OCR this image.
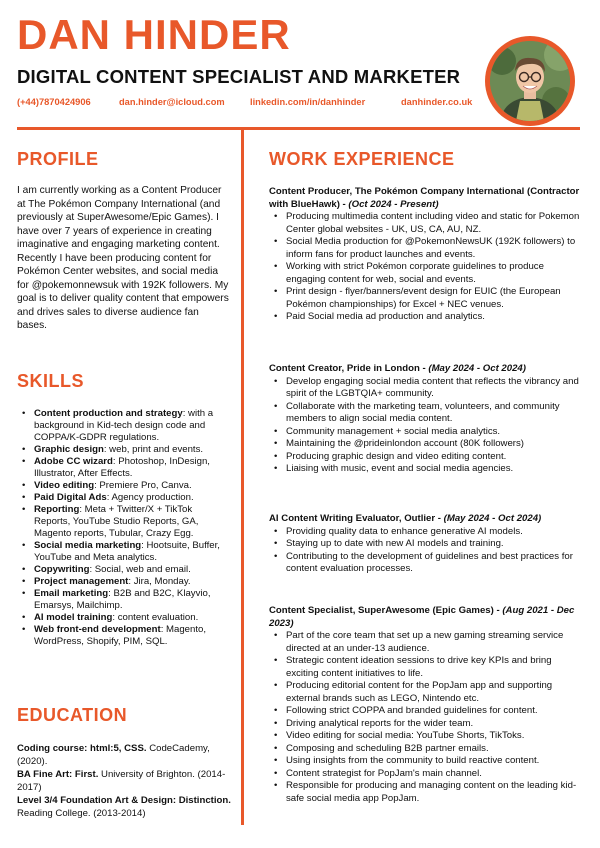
DAN HINDER
DIGITAL CONTENT SPECIALIST AND MARKETER
(+44)7870424906	dan.hinder@icloud.com	linkedin.com/in/danhinder	danhinder.co.uk
PROFILE
I am currently working as a Content Producer at The Pokémon Company International (and previously at SuperAwesome/Epic Games). I have over 7 years of experience in creating imaginative and engaging marketing content. Recently I have been producing content for Pokémon Center websites, and social media for @pokemonnewsuk with 192K followers. My goal is to deliver quality content that empowers and drives sales to diverse audience fan bases.
SKILLS
• Content production and strategy: with a background in Kid-tech design code and COPPA/K-GDPR regulations.
• Graphic design: web, print and events.
• Adobe CC wizard: Photoshop, InDesign, Illustrator, After Effects.
• Video editing: Premiere Pro, Canva.
• Paid Digital Ads: Agency production.
• Reporting: Meta + Twitter/X + TikTok Reports, YouTube Studio Reports, GA, Magento reports, Tubular, Crazy Egg.
• Social media marketing: Hootsuite, Buffer, YouTube and Meta analytics.
• Copywriting: Social, web and email.
• Project management: Jira, Monday.
• Email marketing: B2B and B2C, Klayvio, Emarsys, Mailchimp.
• AI model training: content evaluation.
• Web front-end development: Magento, WordPress, Shopify, PIM, SQL.
EDUCATION

Coding course: html:5, CSS. CodeCademy, (2020).

BA Fine Art: First. University of Brighton. (2014-2017)

Level 3/4 Foundation Art & Design: Distinction. Reading College. (2013-2014)

WORK EXPERIENCE
Content Producer, The Pokémon Company International (Contractor with BlueHawk) - (Oct 2024 - Present)
• Producing multimedia content including video and static for Pokemon Center global websites - UK, US, CA, AU, NZ.
• Social Media production for @PokemonNewsUK (192K followers) to inform fans for product launches and events.
• Working with strict Pokémon corporate guidelines to produce engaging content for web, social and events.
• Print design - flyer/banners/event design for EUIC (the European Pokémon championships) for Excel + NEC venues.
• Paid Social media ad production and analytics.
Content Creator, Pride in London - (May 2024 - Oct 2024)
• Develop engaging social media content that reflects the vibrancy and spirit of the LGBTQIA+ community.
• Collaborate with the marketing team, volunteers, and community members to align social media content.
• Community management + social media analytics.
• Maintaining the @prideinlondon account (80K followers)
• Producing graphic design and video editing content.
• Liaising with music, event and social media agencies.
AI Content Writing Evaluator, Outlier - (May 2024 - Oct 2024)
• Providing quality data to enhance generative AI models.
• Staying up to date with new AI models and training.
• Contributing to the development of guidelines and best practices for content evaluation processes.
Content Specialist, SuperAwesome (Epic Games) - (Aug 2021 - Dec 2023)
• Part of the core team that set up a new gaming streaming service directed at an under-13 audience.
• Strategic content ideation sessions to drive key KPIs and bring exciting content initiatives to life.
• Producing editorial content for the PopJam app and supporting external brands such as LEGO, Nintendo etc.
• Following strict COPPA and branded guidelines for content.
• Driving analytical reports for the wider team.
• Video editing for social media: YouTube Shorts, TikToks.
• Composing and scheduling B2B partner emails.
• Using insights from the community to build reactive content.
• Content strategist for PopJam's main channel.
• Responsible for producing and managing content on the leading kid-safe social media app PopJam.
